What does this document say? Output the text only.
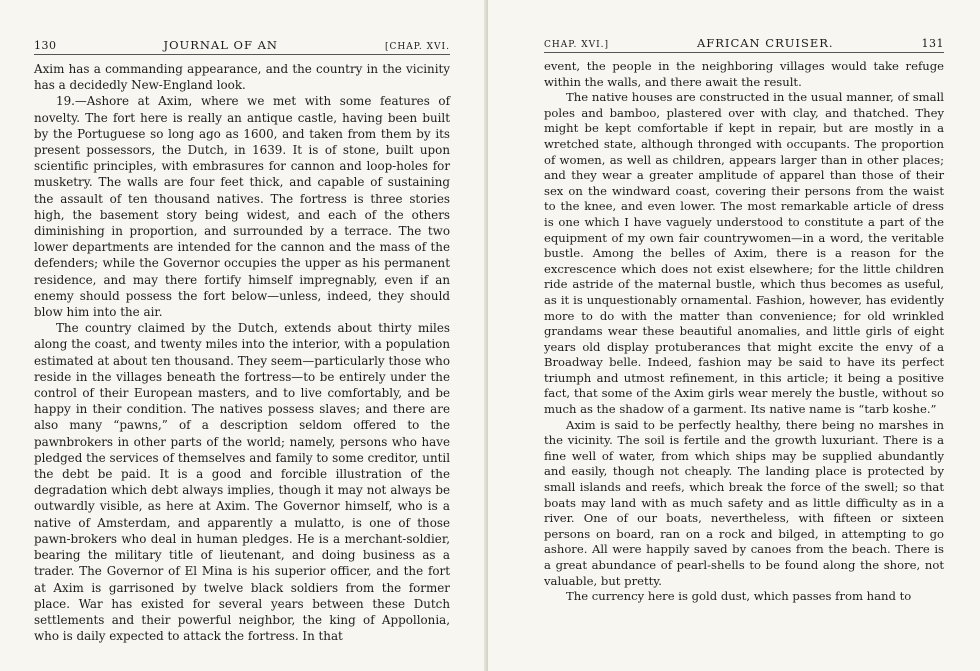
130	JOURNAL OF AN	[CHAP. XVI.

Axim has a commanding appearance, and the country in the vicinity has a decidedly New-England look.

19.—Ashore at Axim, where we met with some features of novelty. The fort here is really an antique castle, having been built by the Portuguese so long ago as 1600, and taken from them by its present possessors, the Dutch, in 1639. It is of stone, built upon scientific principles, with embrasures for cannon and loop-holes for musketry. The walls are four feet thick, and capable of sustaining the assault of ten thousand natives. The fortress is three stories high, the basement story being widest, and each of the others diminishing in proportion, and surrounded by a terrace. The two lower departments are intended for the cannon and the mass of the defenders; while the Governor occupies the upper as his permanent residence, and may there fortify himself impregnably, even if an enemy should possess the fort below—unless, indeed, they should blow him into the air.

The country claimed by the Dutch, extends about thirty miles along the coast, and twenty miles into the interior, with a population estimated at about ten thousand. They seem—particularly those who reside in the villages beneath the fortress—to be entirely under the control of their European masters, and to live comfortably, and be happy in their condition. The natives possess slaves; and there are also many “pawns,” of a description seldom offered to the pawnbrokers in other parts of the world; namely, persons who have pledged the services of themselves and family to some creditor, until the debt be paid. It is a good and forcible illustration of the degradation which debt always implies, though it may not always be outwardly visible, as here at Axim. The Governor himself, who is a native of Amsterdam, and apparently a mulatto, is one of those pawn-brokers who deal in human pledges. He is a merchant-soldier, bearing the military title of lieutenant, and doing business as a trader. The Governor of El Mina is his superior officer, and the fort at Axim is garrisoned by twelve black soldiers from the former place. War has existed for several years between these Dutch settlements and their powerful neighbor, the king of Appollonia, who is daily expected to attack the fortress. In that

CHAP. XVI.]	AFRICAN CRUISER.	131

event, the people in the neighboring villages would take refuge within the walls, and there await the result.

The native houses are constructed in the usual manner, of small poles and bamboo, plastered over with clay, and thatched. They might be kept comfortable if kept in repair, but are mostly in a wretched state, although thronged with occupants. The proportion of women, as well as children, appears larger than in other places; and they wear a greater amplitude of apparel than those of their sex on the windward coast, covering their persons from the waist to the knee, and even lower. The most remarkable article of dress is one which I have vaguely understood to constitute a part of the equipment of my own fair countrywomen—in a word, the veritable bustle. Among the belles of Axim, there is a reason for the excrescence which does not exist elsewhere; for the little children ride astride of the maternal bustle, which thus becomes as useful, as it is unquestionably ornamental. Fashion, however, has evidently more to do with the matter than convenience; for old wrinkled grandams wear these beautiful anomalies, and little girls of eight years old display protuberances that might excite the envy of a Broadway belle. Indeed, fashion may be said to have its perfect triumph and utmost refinement, in this article; it being a positive fact, that some of the Axim girls wear merely the bustle, without so much as the shadow of a garment. Its native name is “tarb koshe.”

Axim is said to be perfectly healthy, there being no marshes in the vicinity. The soil is fertile and the growth luxuriant. There is a fine well of water, from which ships may be supplied abundantly and easily, though not cheaply. The landing place is protected by small islands and reefs, which break the force of the swell; so that boats may land with as much safety and as little difficulty as in a river. One of our boats, nevertheless, with fifteen or sixteen persons on board, ran on a rock and bilged, in attempting to go ashore. All were happily saved by canoes from the beach. There is a great abundance of pearl-shells to be found along the shore, not valuable, but pretty.

The currency here is gold dust, which passes from hand to
